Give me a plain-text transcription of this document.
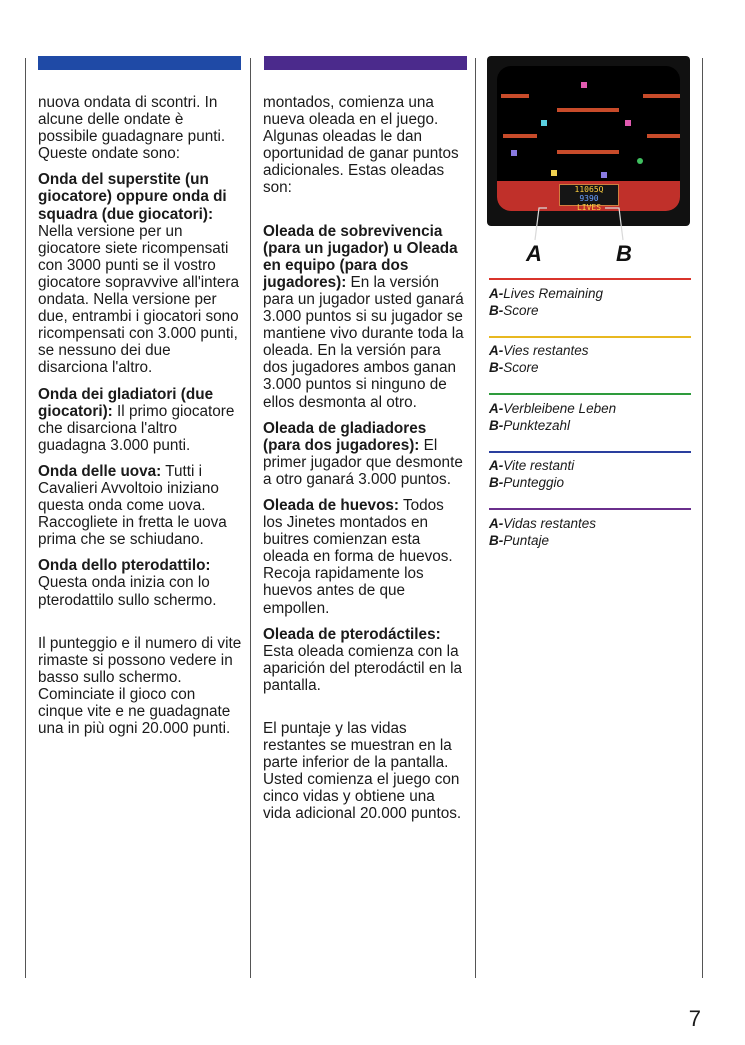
nuova ondata di scontri. In alcune delle ondate è possibile guadagnare punti. Queste ondate sono:

Onda del superstite (un giocatore) oppure onda di squadra (due giocatori): Nella versione per un giocatore siete ricompensati con 3000 punti se il vostro giocatore sopravvive all'intera ondata. Nella versione per due, entrambi i giocatori sono ricompensati con 3.000 punti, se nessuno dei due disarciona l'altro.

Onda dei gladiatori (due giocatori): Il primo giocatore che disarciona l'altro guadagna 3.000 punti.

Onda delle uova: Tutti i Cavalieri Avvoltoio iniziano questa onda come uova. Raccogliete in fretta le uova prima che se schiudano.

Onda dello pterodattilo: Questa onda inizia con lo pterodattilo sullo schermo.

Il punteggio e il numero di vite rimaste si possono vedere in basso sullo schermo. Cominciate il gioco con cinque vite e ne guadagnate una in più ogni 20.000 punti.

montados, comienza una nueva oleada en el juego. Algunas oleadas le dan oportunidad de ganar puntos adicionales. Estas oleadas son:

Oleada de sobrevivencia (para un jugador) u Oleada en equipo (para dos jugadores): En la versión para un jugador usted ganará 3.000 puntos si su jugador se mantiene vivo durante toda la oleada. En la versión para dos jugadores ambos ganan 3.000 puntos si ninguno de ellos desmonta al otro.

Oleada de gladiadores (para dos jugadores): El primer jugador que desmonte a otro ganará 3.000 puntos.

Oleada de huevos: Todos los Jinetes montados en buitres comienzan esta oleada en forma de huevos. Recoja rapidamente los huevos antes de que empollen.

Oleada de pterodáctiles: Esta oleada comienza con la aparición del pterodáctil en la pantalla.

El puntaje y las vidas restantes se muestran en la parte inferior de la pantalla. Usted comienza el juego con cinco vidas y obtiene una vida adicional 20.000 puntos.

11065Q
9390
LIVES
A	B
A-Lives Remaining
B-Score
A-Vies restantes
B-Score
A-Verbleibene Leben
B-Punktezahl
A-Vite restanti
B-Punteggio
A-Vidas restantes
B-Puntaje
7
